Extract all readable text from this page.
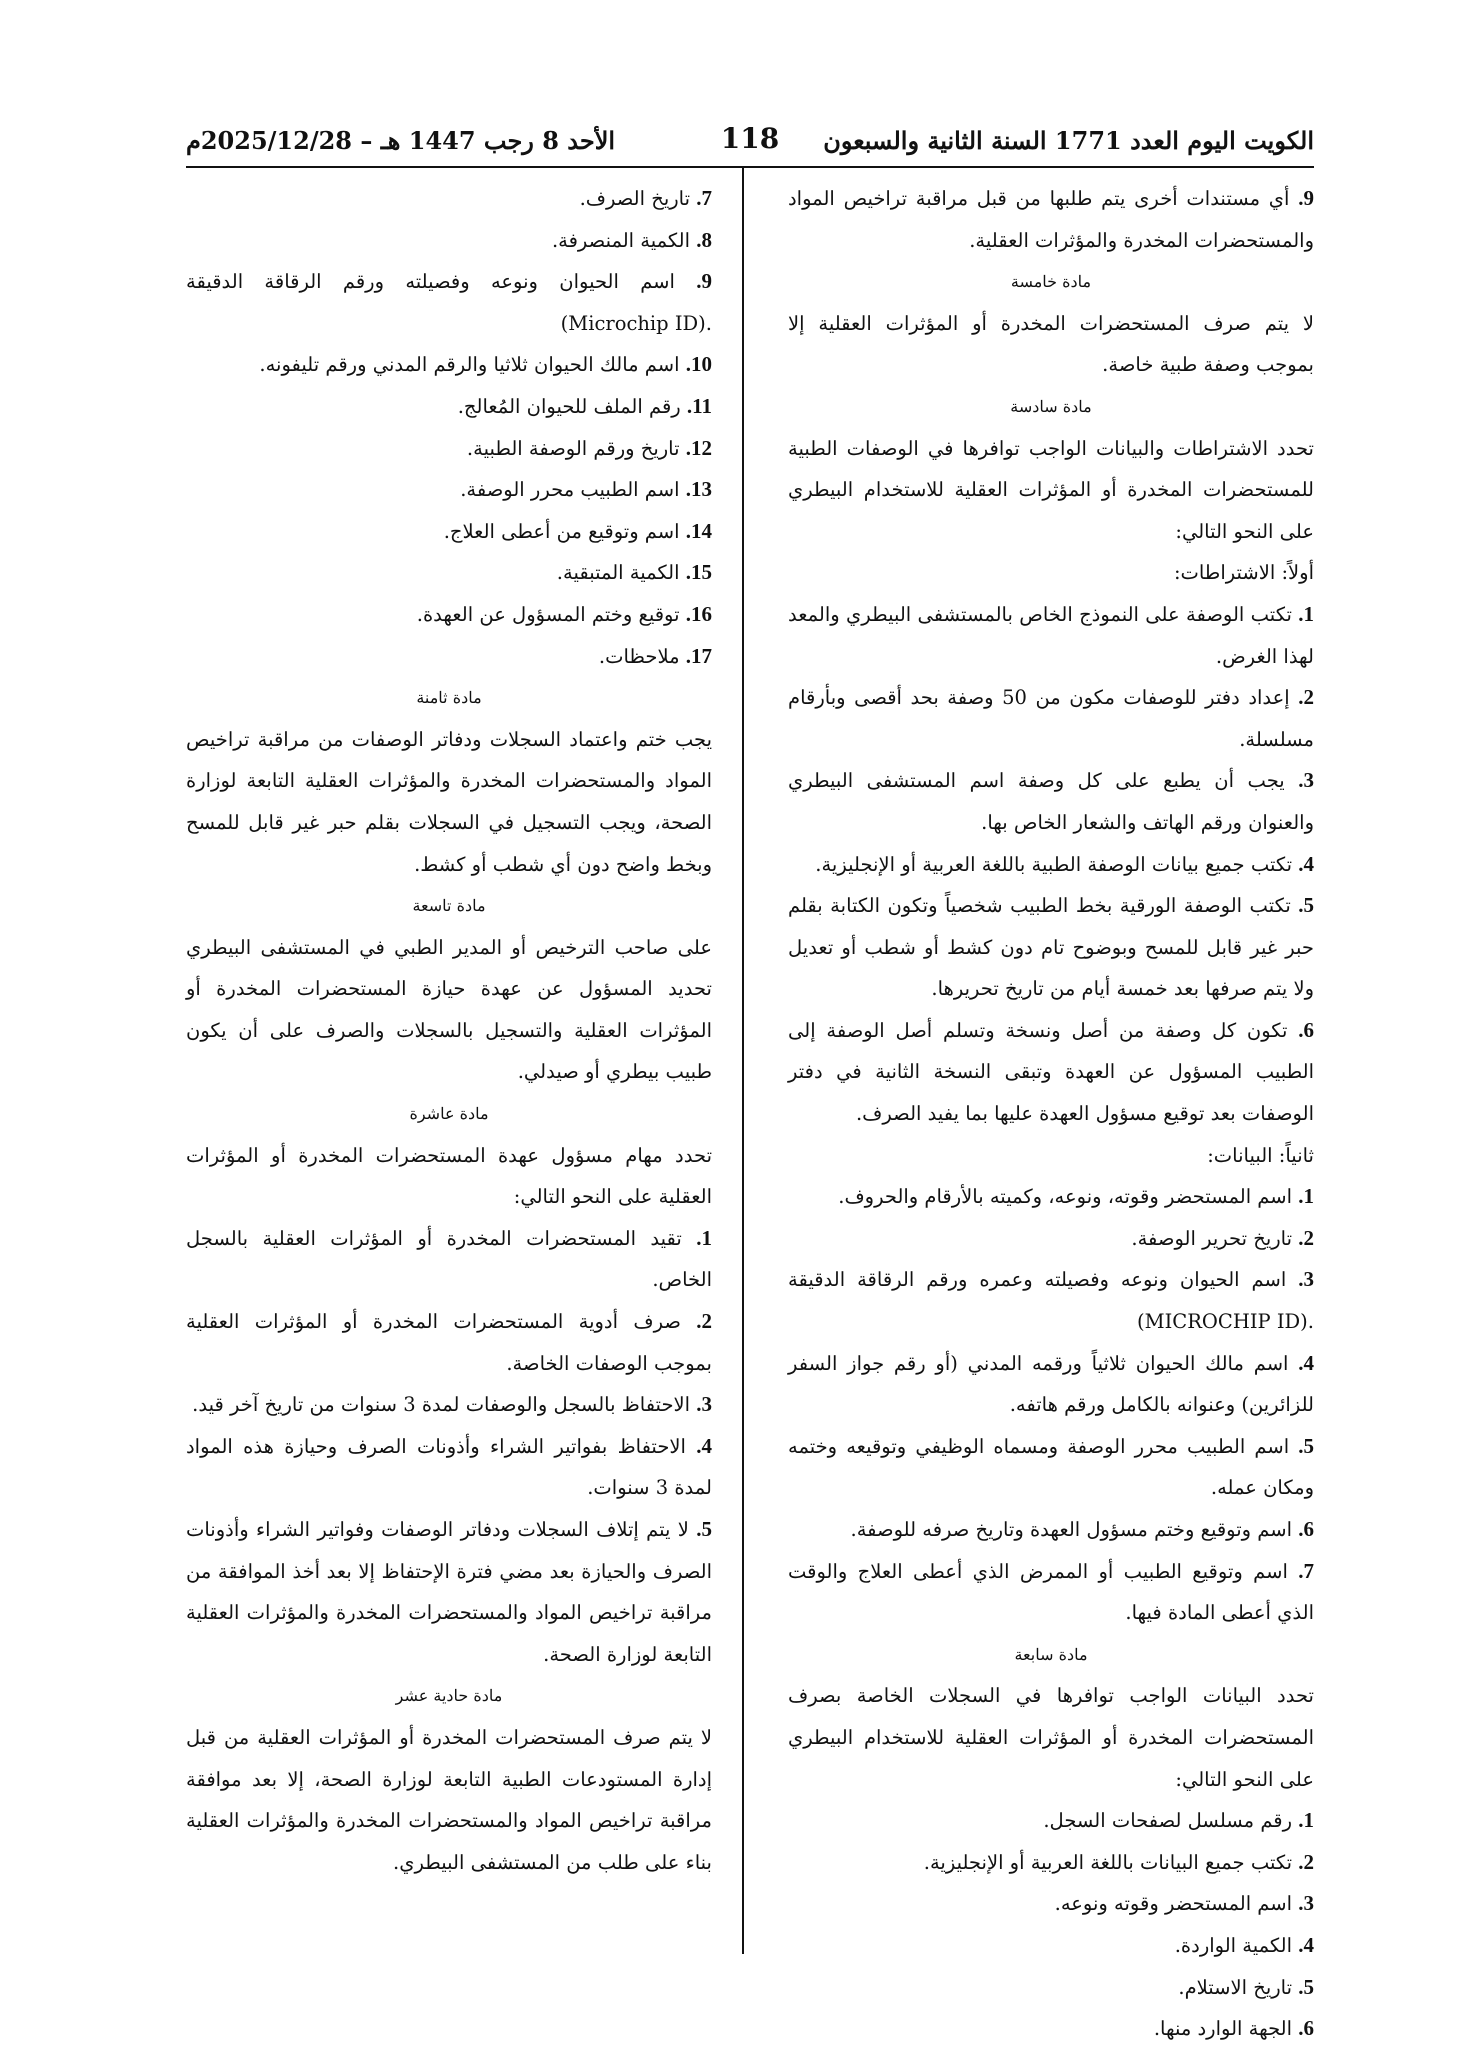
الكويت اليوم العدد 1771 السنة الثانية والسبعون
118
الأحد 8 رجب 1447 هـ – 2025/12/28م

9. أي مستندات أخرى يتم طلبها من قبل مراقبة تراخيص المواد والمستحضرات المخدرة والمؤثرات العقلية.

مادة خامسة

لا يتم صرف المستحضرات المخدرة أو المؤثرات العقلية إلا بموجب وصفة طبية خاصة.

مادة سادسة

تحدد الاشتراطات والبيانات الواجب توافرها في الوصفات الطبية للمستحضرات المخدرة أو المؤثرات العقلية للاستخدام البيطري على النحو التالي:

أولاً: الاشتراطات:

1. تكتب الوصفة على النموذج الخاص بالمستشفى البيطري والمعد لهذا الغرض.

2. إعداد دفتر للوصفات مكون من 50 وصفة بحد أقصى وبأرقام مسلسلة.

3. يجب أن يطبع على كل وصفة اسم المستشفى البيطري والعنوان ورقم الهاتف والشعار الخاص بها.

4. تكتب جميع بيانات الوصفة الطبية باللغة العربية أو الإنجليزية.

5. تكتب الوصفة الورقية بخط الطبيب شخصياً وتكون الكتابة بقلم حبر غير قابل للمسح وبوضوح تام دون كشط أو شطب أو تعديل ولا يتم صرفها بعد خمسة أيام من تاريخ تحريرها.

6. تكون كل وصفة من أصل ونسخة وتسلم أصل الوصفة إلى الطبيب المسؤول عن العهدة وتبقى النسخة الثانية في دفتر الوصفات بعد توقيع مسؤول العهدة عليها بما يفيد الصرف.

ثانياً: البيانات:

1. اسم المستحضر وقوته، ونوعه، وكميته بالأرقام والحروف.

2. تاريخ تحرير الوصفة.

3. اسم الحيوان ونوعه وفصيلته وعمره ورقم الرقاقة الدقيقة (MICROCHIP ID).

4. اسم مالك الحيوان ثلاثياً ورقمه المدني (أو رقم جواز السفر للزائرين) وعنوانه بالكامل ورقم هاتفه.

5. اسم الطبيب محرر الوصفة ومسماه الوظيفي وتوقيعه وختمه ومكان عمله.

6. اسم وتوقيع وختم مسؤول العهدة وتاريخ صرفه للوصفة.

7. اسم وتوقيع الطبيب أو الممرض الذي أعطى العلاج والوقت الذي أعطى المادة فيها.

مادة سابعة

تحدد البيانات الواجب توافرها في السجلات الخاصة بصرف المستحضرات المخدرة أو المؤثرات العقلية للاستخدام البيطري على النحو التالي:

1. رقم مسلسل لصفحات السجل.

2. تكتب جميع البيانات باللغة العربية أو الإنجليزية.

3. اسم المستحضر وقوته ونوعه.

4. الكمية الواردة.

5. تاريخ الاستلام.

6. الجهة الوارد منها.

7. تاريخ الصرف.

8. الكمية المنصرفة.

9. اسم الحيوان ونوعه وفصيلته ورقم الرقاقة الدقيقة (Microchip ID).

10. اسم مالك الحيوان ثلاثيا والرقم المدني ورقم تليفونه.

11. رقم الملف للحيوان المُعالج.

12. تاريخ ورقم الوصفة الطبية.

13. اسم الطبيب محرر الوصفة.

14. اسم وتوقيع من أعطى العلاج.

15. الكمية المتبقية.

16. توقيع وختم المسؤول عن العهدة.

17. ملاحظات.

مادة ثامنة

يجب ختم واعتماد السجلات ودفاتر الوصفات من مراقبة تراخيص المواد والمستحضرات المخدرة والمؤثرات العقلية التابعة لوزارة الصحة، ويجب التسجيل في السجلات بقلم حبر غير قابل للمسح وبخط واضح دون أي شطب أو كشط.

مادة تاسعة

على صاحب الترخيص أو المدير الطبي في المستشفى البيطري تحديد المسؤول عن عهدة حيازة المستحضرات المخدرة أو المؤثرات العقلية والتسجيل بالسجلات والصرف على أن يكون طبيب بيطري أو صيدلي.

مادة عاشرة

تحدد مهام مسؤول عهدة المستحضرات المخدرة أو المؤثرات العقلية على النحو التالي:

1. تقيد المستحضرات المخدرة أو المؤثرات العقلية بالسجل الخاص.

2. صرف أدوية المستحضرات المخدرة أو المؤثرات العقلية بموجب الوصفات الخاصة.

3. الاحتفاظ بالسجل والوصفات لمدة 3 سنوات من تاريخ آخر قيد.

4. الاحتفاظ بفواتير الشراء وأذونات الصرف وحيازة هذه المواد لمدة 3 سنوات.

5. لا يتم إتلاف السجلات ودفاتر الوصفات وفواتير الشراء وأذونات الصرف والحيازة بعد مضي فترة الإحتفاظ إلا بعد أخذ الموافقة من مراقبة تراخيص المواد والمستحضرات المخدرة والمؤثرات العقلية التابعة لوزارة الصحة.

مادة حادية عشر

لا يتم صرف المستحضرات المخدرة أو المؤثرات العقلية من قبل إدارة المستودعات الطبية التابعة لوزارة الصحة، إلا بعد موافقة مراقبة تراخيص المواد والمستحضرات المخدرة والمؤثرات العقلية بناء على طلب من المستشفى البيطري.
